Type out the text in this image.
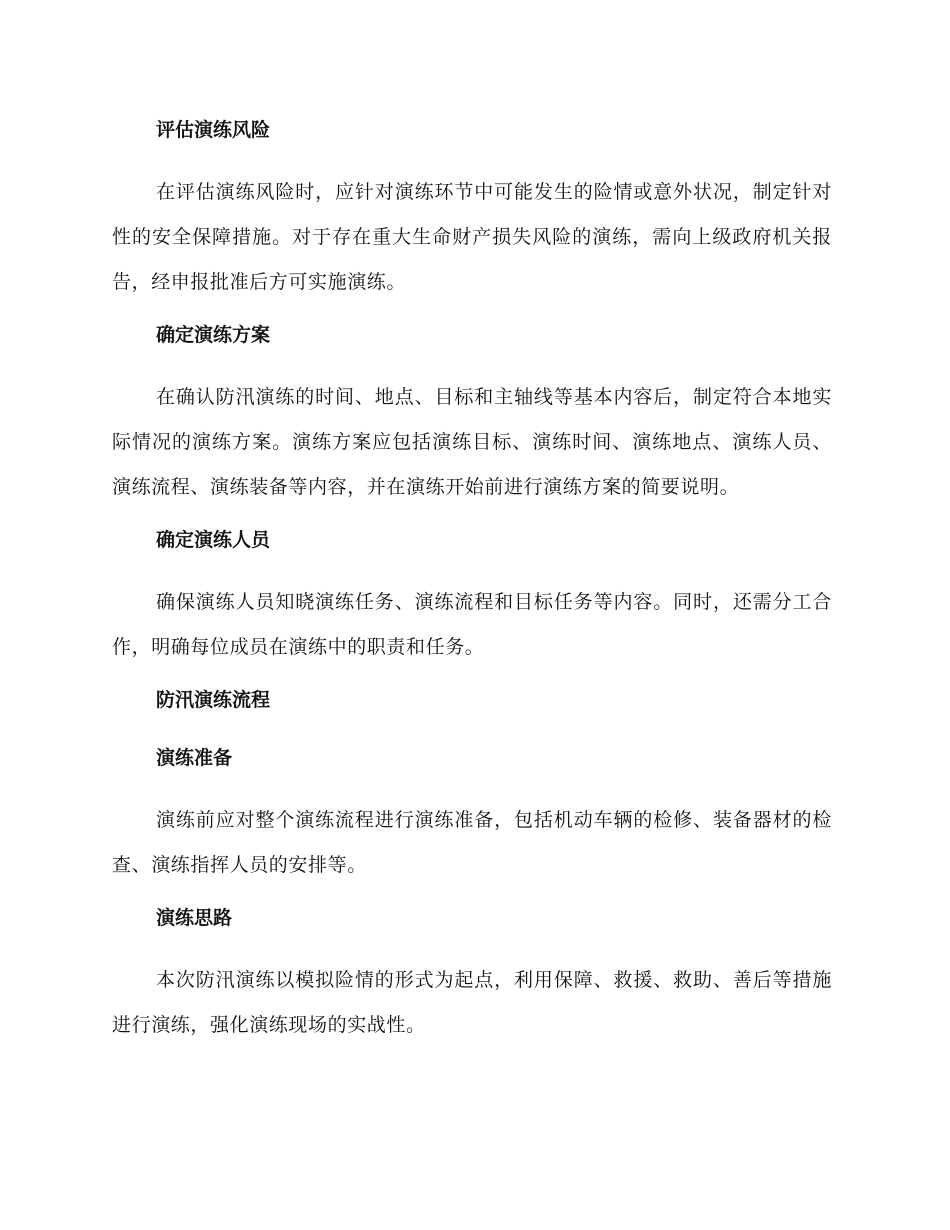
评估演练风险

在评估演练风险时，应针对演练环节中可能发生的险情或意外状况，制定针对性的安全保障措施。对于存在重大生命财产损失风险的演练，需向上级政府机关报告，经申报批准后方可实施演练。

确定演练方案

在确认防汛演练的时间、地点、目标和主轴线等基本内容后，制定符合本地实际情况的演练方案。演练方案应包括演练目标、演练时间、演练地点、演练人员、演练流程、演练装备等内容，并在演练开始前进行演练方案的简要说明。

确定演练人员

确保演练人员知晓演练任务、演练流程和目标任务等内容。同时，还需分工合作，明确每位成员在演练中的职责和任务。

防汛演练流程
演练准备

演练前应对整个演练流程进行演练准备，包括机动车辆的检修、装备器材的检查、演练指挥人员的安排等。

演练思路

本次防汛演练以模拟险情的形式为起点，利用保障、救援、救助、善后等措施进行演练，强化演练现场的实战性。
